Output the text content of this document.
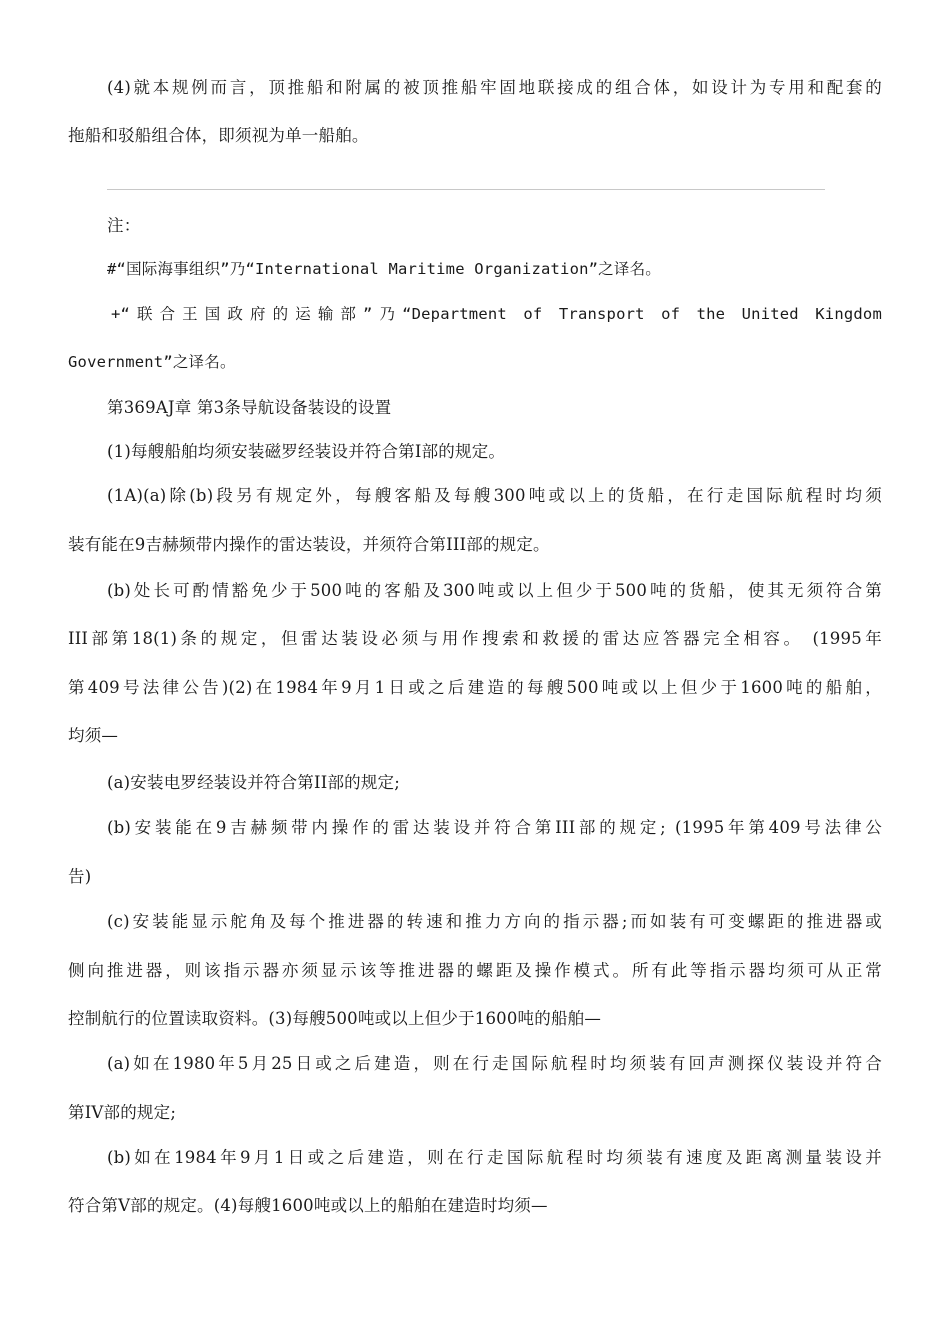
(4)就本规例而言，顶推船和附属的被顶推船牢固地联接成的组合体，如设计为专用和配套的
拖船和驳船组合体，即须视为单一船舶。
注：
#“国际海事组织”乃“International Maritime Organization”之译名。
+“联合王国政府的运输部”乃“Department of Transport of the United Kingdom
Government”之译名。
第369AJ章 第3条导航设备装设的设置
(1)每艘船舶均须安装磁罗经装设并符合第I部的规定。
(1A)(a)除(b)段另有规定外，每艘客船及每艘300吨或以上的货船，在行走国际航程时均须
装有能在9吉赫频带内操作的雷达装设，并须符合第III部的规定。
(b)处长可酌情豁免少于500吨的客船及300吨或以上但少于500吨的货船，使其无须符合第
III部第18(1)条的规定，但雷达装设必须与用作搜索和救援的雷达应答器完全相容。 (1995年
第409号法律公告)(2)在1984年9月1日或之后建造的每艘500吨或以上但少于1600吨的船舶，
均须—
(a)安装电罗经装设并符合第II部的规定;
(b)安装能在9吉赫频带内操作的雷达装设并符合第III部的规定; (1995年第409号法律公
告)
(c)安装能显示舵角及每个推进器的转速和推力方向的指示器;而如装有可变螺距的推进器或
侧向推进器，则该指示器亦须显示该等推进器的螺距及操作模式。所有此等指示器均须可从正常
控制航行的位置读取资料。(3)每艘500吨或以上但少于1600吨的船舶—
(a)如在1980年5月25日或之后建造，则在行走国际航程时均须装有回声测探仪装设并符合
第IV部的规定;
(b)如在1984年9月1日或之后建造，则在行走国际航程时均须装有速度及距离测量装设并
符合第V部的规定。(4)每艘1600吨或以上的船舶在建造时均须—
